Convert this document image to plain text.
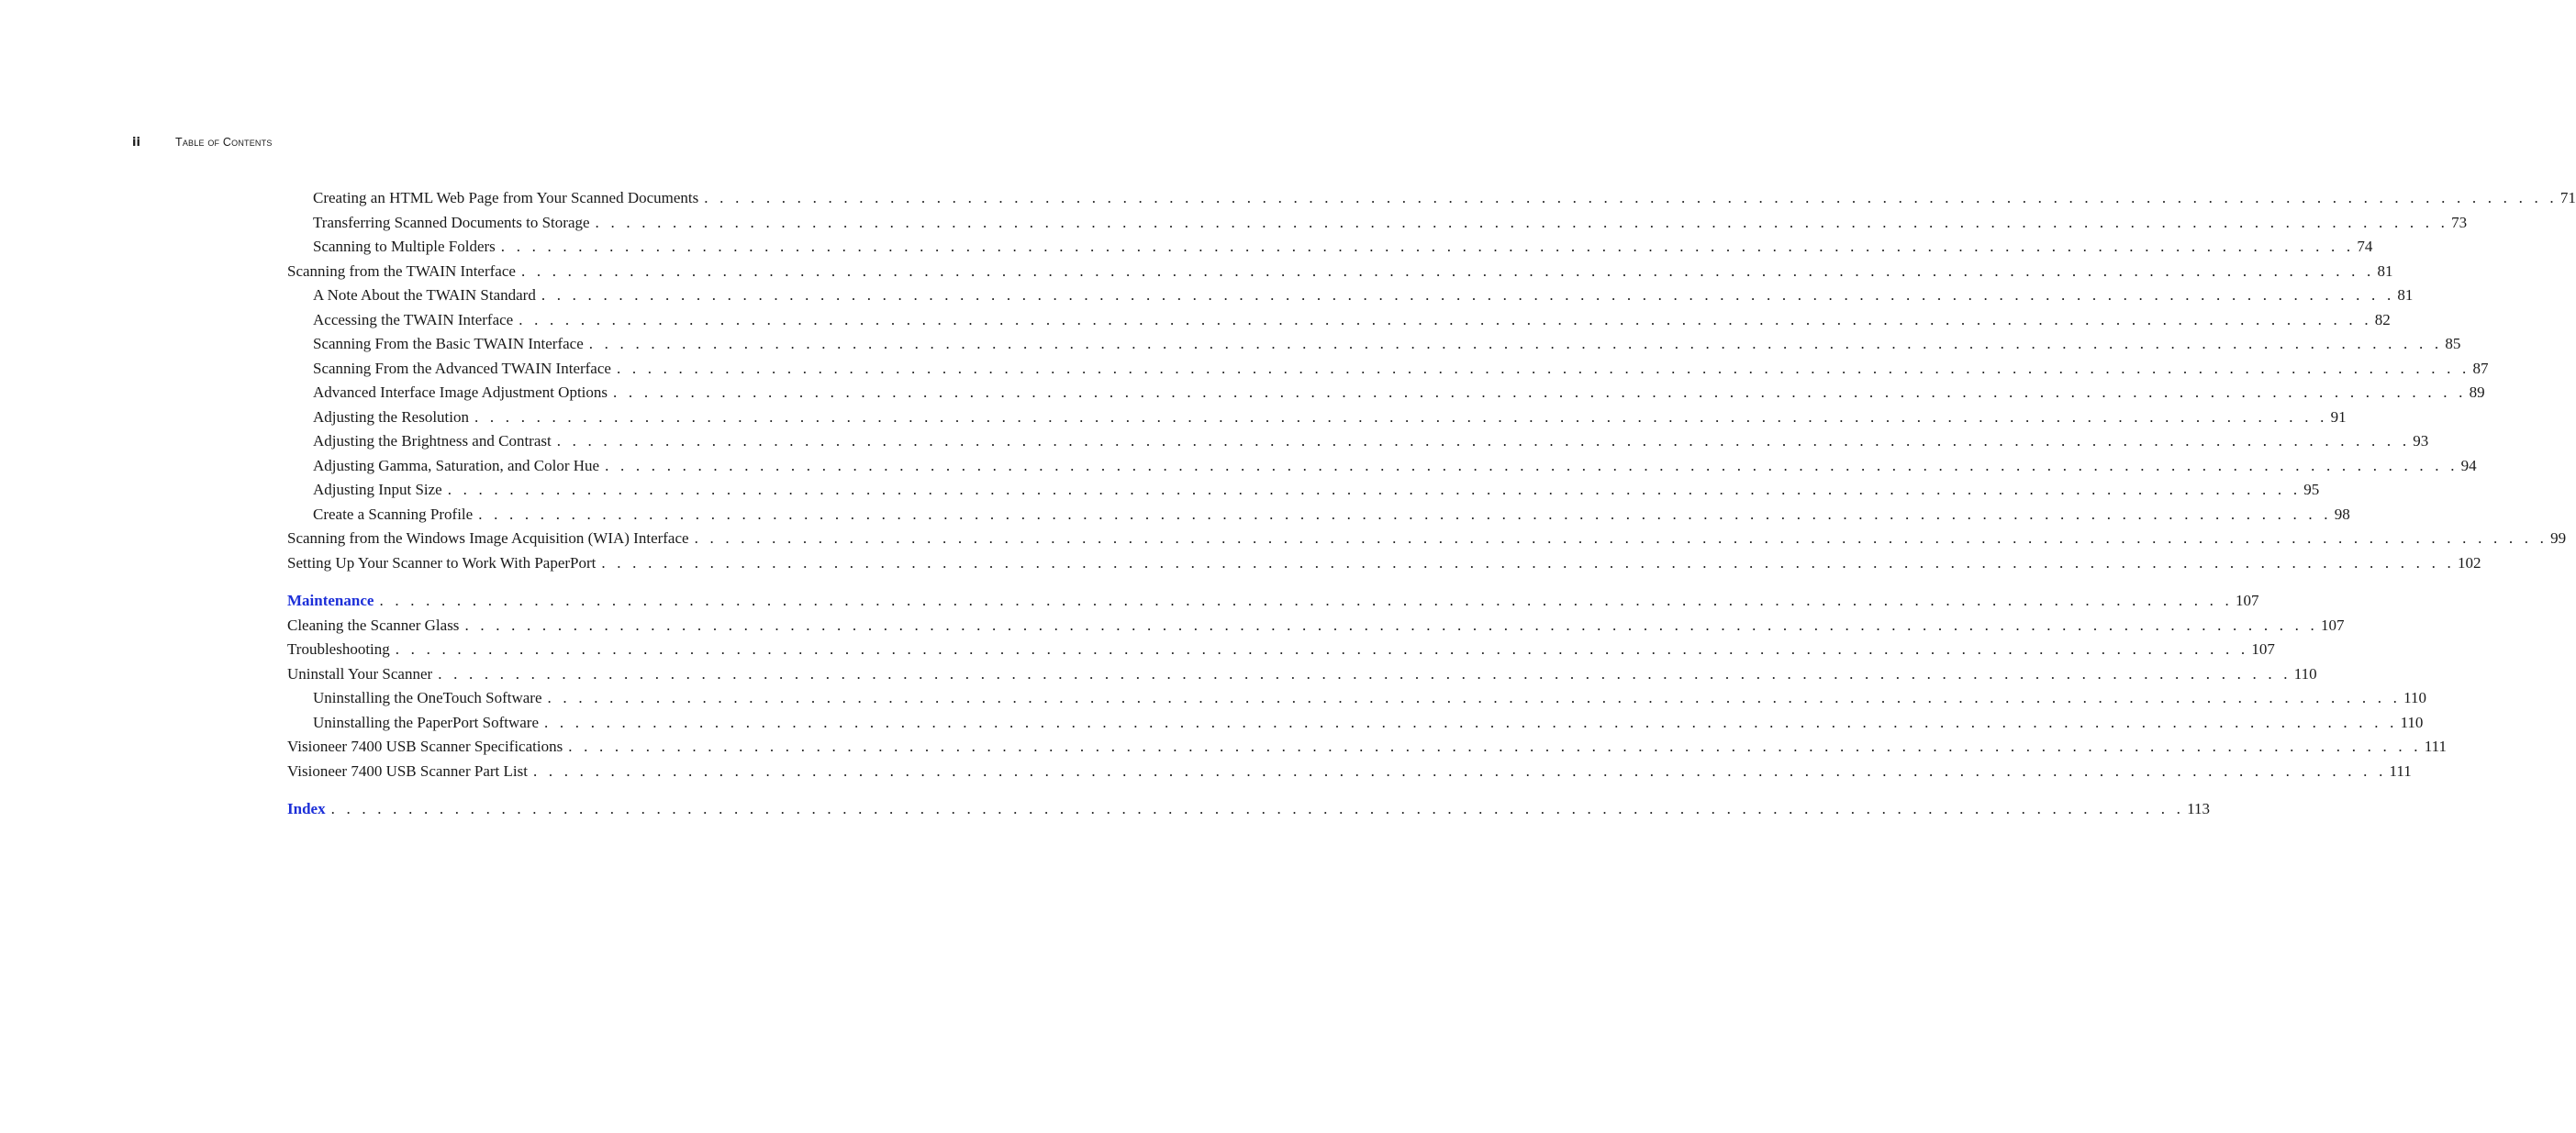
ii	Table of Contents
Creating an HTML Web Page from Your Scanned Documents . . . . . . . . . . . . . . . . . . . . . . . . . . . . . . . . . . . . . . . . . . . . . . . . . . . . . . . . . . . . . . . . . . . . . . . . . . . . . . . . . . . . . . . . . . . . . . . . . . . . . . . . . . . . . . . . . . . . . . . . 71
Transferring Scanned Documents to Storage . . . . . . . . . . . . . . . . . . . . . . . . . . . . . . . . . . . . . . . . . . . . . . . . . . . . . . . . . . . . . . . . . . . . . . . . . . . . . . . . . . . . . . . . . . . . . . . . . . . . . . . . . . . . . . . . . . . . . . . . 73
Scanning to Multiple Folders . . . . . . . . . . . . . . . . . . . . . . . . . . . . . . . . . . . . . . . . . . . . . . . . . . . . . . . . . . . . . . . . . . . . . . . . . . . . . . . . . . . . . . . . . . . . . . . . . . . . . . . . . . . . . . . . . . . . . . . . 74
Scanning from the TWAIN Interface . . . . . . . . . . . . . . . . . . . . . . . . . . . . . . . . . . . . . . . . . . . . . . . . . . . . . . . . . . . . . . . . . . . . . . . . . . . . . . . . . . . . . . . . . . . . . . . . . . . . . . . . . . . . . . . . . . . . . . . . 81
A Note About the TWAIN Standard . . . . . . . . . . . . . . . . . . . . . . . . . . . . . . . . . . . . . . . . . . . . . . . . . . . . . . . . . . . . . . . . . . . . . . . . . . . . . . . . . . . . . . . . . . . . . . . . . . . . . . . . . . . . . . . . . . . . . . . . 81
Accessing the TWAIN Interface . . . . . . . . . . . . . . . . . . . . . . . . . . . . . . . . . . . . . . . . . . . . . . . . . . . . . . . . . . . . . . . . . . . . . . . . . . . . . . . . . . . . . . . . . . . . . . . . . . . . . . . . . . . . . . . . . . . . . . . . 82
Scanning From the Basic TWAIN Interface . . . . . . . . . . . . . . . . . . . . . . . . . . . . . . . . . . . . . . . . . . . . . . . . . . . . . . . . . . . . . . . . . . . . . . . . . . . . . . . . . . . . . . . . . . . . . . . . . . . . . . . . . . . . . . . . . . . . . . . . 85
Scanning From the Advanced TWAIN Interface . . . . . . . . . . . . . . . . . . . . . . . . . . . . . . . . . . . . . . . . . . . . . . . . . . . . . . . . . . . . . . . . . . . . . . . . . . . . . . . . . . . . . . . . . . . . . . . . . . . . . . . . . . . . . . . . . . . . . . . . 87
Advanced Interface Image Adjustment Options . . . . . . . . . . . . . . . . . . . . . . . . . . . . . . . . . . . . . . . . . . . . . . . . . . . . . . . . . . . . . . . . . . . . . . . . . . . . . . . . . . . . . . . . . . . . . . . . . . . . . . . . . . . . . . . . . . . . . . . . 89
Adjusting the Resolution . . . . . . . . . . . . . . . . . . . . . . . . . . . . . . . . . . . . . . . . . . . . . . . . . . . . . . . . . . . . . . . . . . . . . . . . . . . . . . . . . . . . . . . . . . . . . . . . . . . . . . . . . . . . . . . . . . . . . . . . 91
Adjusting the Brightness and Contrast . . . . . . . . . . . . . . . . . . . . . . . . . . . . . . . . . . . . . . . . . . . . . . . . . . . . . . . . . . . . . . . . . . . . . . . . . . . . . . . . . . . . . . . . . . . . . . . . . . . . . . . . . . . . . . . . . . . . . . . . 93
Adjusting Gamma, Saturation, and Color Hue . . . . . . . . . . . . . . . . . . . . . . . . . . . . . . . . . . . . . . . . . . . . . . . . . . . . . . . . . . . . . . . . . . . . . . . . . . . . . . . . . . . . . . . . . . . . . . . . . . . . . . . . . . . . . . . . . . . . . . . . 94
Adjusting Input Size . . . . . . . . . . . . . . . . . . . . . . . . . . . . . . . . . . . . . . . . . . . . . . . . . . . . . . . . . . . . . . . . . . . . . . . . . . . . . . . . . . . . . . . . . . . . . . . . . . . . . . . . . . . . . . . . . . . . . . . . 95
Create a Scanning Profile . . . . . . . . . . . . . . . . . . . . . . . . . . . . . . . . . . . . . . . . . . . . . . . . . . . . . . . . . . . . . . . . . . . . . . . . . . . . . . . . . . . . . . . . . . . . . . . . . . . . . . . . . . . . . . . . . . . . . . . . 98
Scanning from the Windows Image Acquisition (WIA) Interface . . . . . . . . . . . . . . . . . . . . . . . . . . . . . . . . . . . . . . . . . . . . . . . . . . . . . . . . . . . . . . . . . . . . . . . . . . . . . . . . . . . . . . . . . . . . . . . . . . . . . . . . . . . . . . . . . . . . . . . . 99
Setting Up Your Scanner to Work With PaperPort . . . . . . . . . . . . . . . . . . . . . . . . . . . . . . . . . . . . . . . . . . . . . . . . . . . . . . . . . . . . . . . . . . . . . . . . . . . . . . . . . . . . . . . . . . . . . . . . . . . . . . . . . . . . . . . . . . . . . . . . 102
Maintenance . . . . . . . . . . . . . . . . . . . . . . . . . . . . . . . . . . . . . . . . . . . . . . . . . . . . . . . . . . . . . . . . . . . . . . . . . . . . . . . . . . . . . . . . . . . . . . . . . . . . . . . . . . . . . . . . . . . . . . . . 107
Cleaning the Scanner Glass . . . . . . . . . . . . . . . . . . . . . . . . . . . . . . . . . . . . . . . . . . . . . . . . . . . . . . . . . . . . . . . . . . . . . . . . . . . . . . . . . . . . . . . . . . . . . . . . . . . . . . . . . . . . . . . . . . . . . . . . 107
Troubleshooting . . . . . . . . . . . . . . . . . . . . . . . . . . . . . . . . . . . . . . . . . . . . . . . . . . . . . . . . . . . . . . . . . . . . . . . . . . . . . . . . . . . . . . . . . . . . . . . . . . . . . . . . . . . . . . . . . . . . . . . . 107
Uninstall Your Scanner . . . . . . . . . . . . . . . . . . . . . . . . . . . . . . . . . . . . . . . . . . . . . . . . . . . . . . . . . . . . . . . . . . . . . . . . . . . . . . . . . . . . . . . . . . . . . . . . . . . . . . . . . . . . . . . . . . . . . . . . 110
Uninstalling the OneTouch Software . . . . . . . . . . . . . . . . . . . . . . . . . . . . . . . . . . . . . . . . . . . . . . . . . . . . . . . . . . . . . . . . . . . . . . . . . . . . . . . . . . . . . . . . . . . . . . . . . . . . . . . . . . . . . . . . . . . . . . . . 110
Uninstalling the PaperPort Software . . . . . . . . . . . . . . . . . . . . . . . . . . . . . . . . . . . . . . . . . . . . . . . . . . . . . . . . . . . . . . . . . . . . . . . . . . . . . . . . . . . . . . . . . . . . . . . . . . . . . . . . . . . . . . . . . . . . . . . . 110
Visioneer 7400 USB Scanner Specifications . . . . . . . . . . . . . . . . . . . . . . . . . . . . . . . . . . . . . . . . . . . . . . . . . . . . . . . . . . . . . . . . . . . . . . . . . . . . . . . . . . . . . . . . . . . . . . . . . . . . . . . . . . . . . . . . . . . . . . . . 111
Visioneer 7400 USB Scanner Part List . . . . . . . . . . . . . . . . . . . . . . . . . . . . . . . . . . . . . . . . . . . . . . . . . . . . . . . . . . . . . . . . . . . . . . . . . . . . . . . . . . . . . . . . . . . . . . . . . . . . . . . . . . . . . . . . . . . . . . . . 111
Index . . . . . . . . . . . . . . . . . . . . . . . . . . . . . . . . . . . . . . . . . . . . . . . . . . . . . . . . . . . . . . . . . . . . . . . . . . . . . . . . . . . . . . . . . . . . . . . . . . . . . . . . . . . . . . . . . . . . . . . . 113
